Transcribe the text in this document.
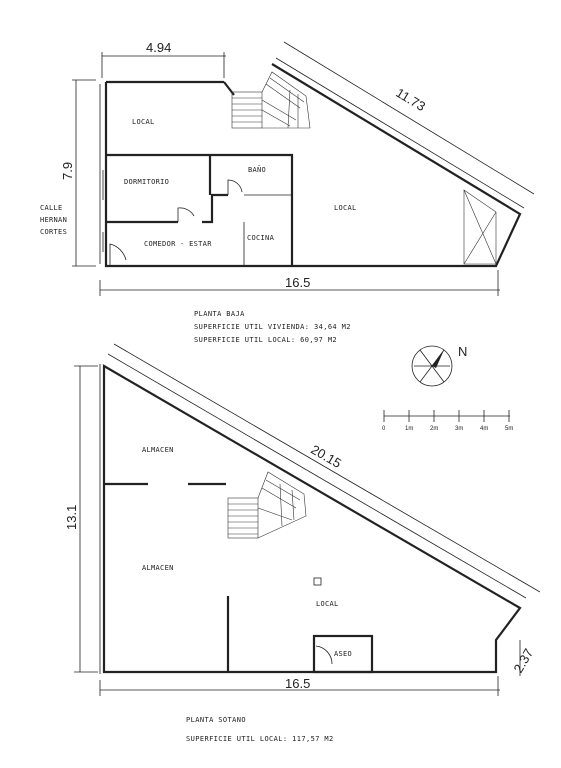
4.94
11.73
7.9
16.5
LOCAL
DORMITORIO
BAÑO
COMEDOR - ESTAR
COCINA
LOCAL
CALLE
HERNAN
CORTES
PLANTA BAJA
SUPERFICIE UTIL VIVIENDA: 34,64 M2
SUPERFICIE UTIL LOCAL: 60,97 M2
N
0	1m	2m	3m	4m	5m
13.1
20.15
2.37
16.5
ALMACEN
ALMACEN
LOCAL
ASEO
PLANTA SOTANO
SUPERFICIE UTIL LOCAL: 117,57 M2
